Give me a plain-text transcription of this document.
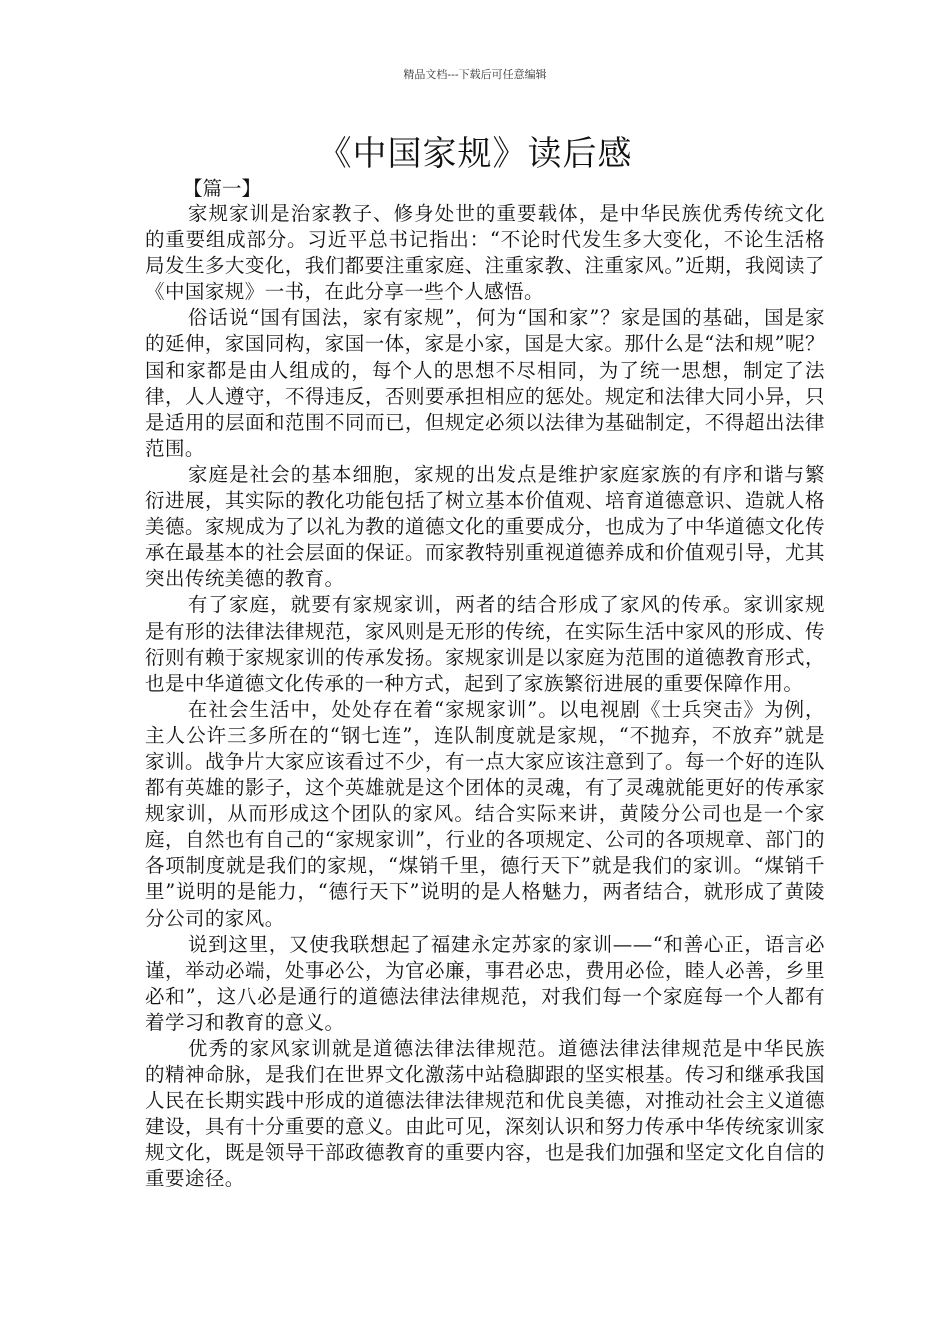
精品文档---下载后可任意编辑
《中国家规》读后感
【篇一】

家规家训是治家教子、修身处世的重要载体，是中华民族优秀传统文化的重要组成部分。习近平总书记指出：“不论时代发生多大变化，不论生活格局发生多大变化，我们都要注重家庭、注重家教、注重家风。”近期，我阅读了《中国家规》一书，在此分享一些个人感悟。

俗话说“国有国法，家有家规”，何为“国和家”？家是国的基础，国是家的延伸，家国同构，家国一体，家是小家，国是大家。那什么是“法和规”呢？国和家都是由人组成的，每个人的思想不尽相同，为了统一思想，制定了法律，人人遵守，不得违反，否则要承担相应的惩处。规定和法律大同小异，只是适用的层面和范围不同而已，但规定必须以法律为基础制定，不得超出法律范围。

家庭是社会的基本细胞，家规的出发点是维护家庭家族的有序和谐与繁衍进展，其实际的教化功能包括了树立基本价值观、培育道德意识、造就人格美德。家规成为了以礼为教的道德文化的重要成分，也成为了中华道德文化传承在最基本的社会层面的保证。而家教特别重视道德养成和价值观引导，尤其突出传统美德的教育。

有了家庭，就要有家规家训，两者的结合形成了家风的传承。家训家规是有形的法律法律规范，家风则是无形的传统，在实际生活中家风的形成、传衍则有赖于家规家训的传承发扬。家规家训是以家庭为范围的道德教育形式，也是中华道德文化传承的一种方式，起到了家族繁衍进展的重要保障作用。

在社会生活中，处处存在着“家规家训”。以电视剧《士兵突击》为例，主人公许三多所在的“钢七连”，连队制度就是家规，“不抛弃，不放弃”就是家训。战争片大家应该看过不少，有一点大家应该注意到了。每一个好的连队都有英雄的影子，这个英雄就是这个团体的灵魂，有了灵魂就能更好的传承家规家训，从而形成这个团队的家风。结合实际来讲，黄陵分公司也是一个家庭，自然也有自己的“家规家训”，行业的各项规定、公司的各项规章、部门的各项制度就是我们的家规，“煤销千里，德行天下”就是我们的家训。“煤销千里”说明的是能力，“德行天下”说明的是人格魅力，两者结合，就形成了黄陵分公司的家风。

说到这里，又使我联想起了福建永定苏家的家训——“和善心正，语言必谨，举动必端，处事必公，为官必廉，事君必忠，费用必俭，睦人必善，乡里必和”，这八必是通行的道德法律法律规范，对我们每一个家庭每一个人都有着学习和教育的意义。

优秀的家风家训就是道德法律法律规范。道德法律法律规范是中华民族的精神命脉，是我们在世界文化激荡中站稳脚跟的坚实根基。传习和继承我国人民在长期实践中形成的道德法律法律规范和优良美德，对推动社会主义道德建设，具有十分重要的意义。由此可见，深刻认识和努力传承中华传统家训家规文化，既是领导干部政德教育的重要内容，也是我们加强和坚定文化自信的重要途径。
